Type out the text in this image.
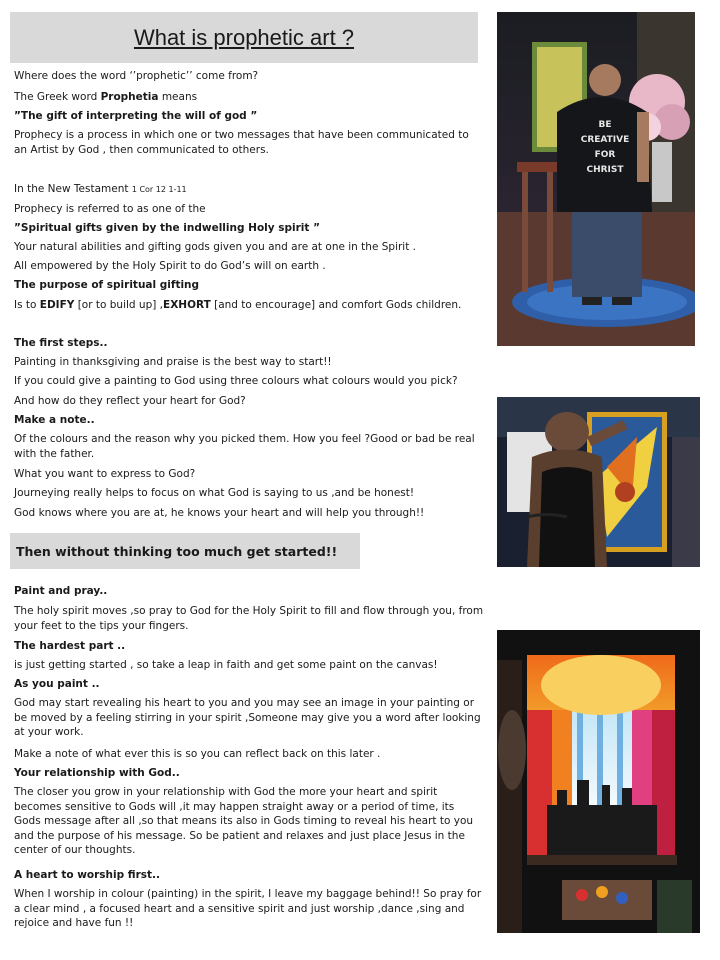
What is prophetic art ?

Where does the word ‘’prophetic’’ come from?

The Greek word Prophetia means

”The gift of interpreting the will of god ”

Prophecy is a process in which one or two messages that have been communicated to an Artist by God , then communicated to others.

In the New Testament 1 Cor 12 1-11

Prophecy is referred to as one of the

”Spiritual gifts given by the indwelling Holy spirit ”

Your natural abilities and gifting gods given you and are at one in the Spirit .

All empowered by the Holy Spirit to do God’s will on earth .

The purpose of spiritual gifting

Is to EDIFY [or to build up] ,EXHORT [and to encourage] and comfort Gods children.

The first steps..

Painting in thanksgiving and praise is the best way to start!!

If you could give a painting to God using three colours what colours would you pick?

And how do they reflect your heart for God?

Make a note..

Of the colours and the reason why you picked them. How you feel ?Good or bad be real with the father.

What you want to express to God?

Journeying really helps to focus on what God is saying to us ,and be honest!

God knows where you are at, he knows your heart and will help you through!!

Then without thinking too much get started!!

Paint and pray..

The holy spirit moves ,so pray to God for the Holy Spirit to fill and flow through you, from your feet to the tips your fingers.

The hardest part ..

is just getting started , so take a leap in faith and get some paint on the canvas!

As you paint ..

God may start revealing his heart to you and you may see an image in your painting or be moved by a feeling stirring in your spirit ,Someone may give you a word after looking at your work.

Make a note of what ever this is so you can reflect back on this later .

Your relationship with God..

The closer you grow in your relationship with God the more your heart and spirit becomes sensitive to Gods will ,it may happen straight away or a period of time, its Gods message after all ,so that means its also in Gods timing to reveal his heart to you and the purpose of his message. So be patient and relaxes and just place Jesus in the center of our thoughts.

A heart to worship first..

When I worship in colour (painting) in the spirit, I leave my baggage behind!! So pray for a clear mind , a focused heart and a sensitive spirit and just worship ,dance ,sing and rejoice and have fun !!

BE
CREATIVE
FOR
CHRIST
